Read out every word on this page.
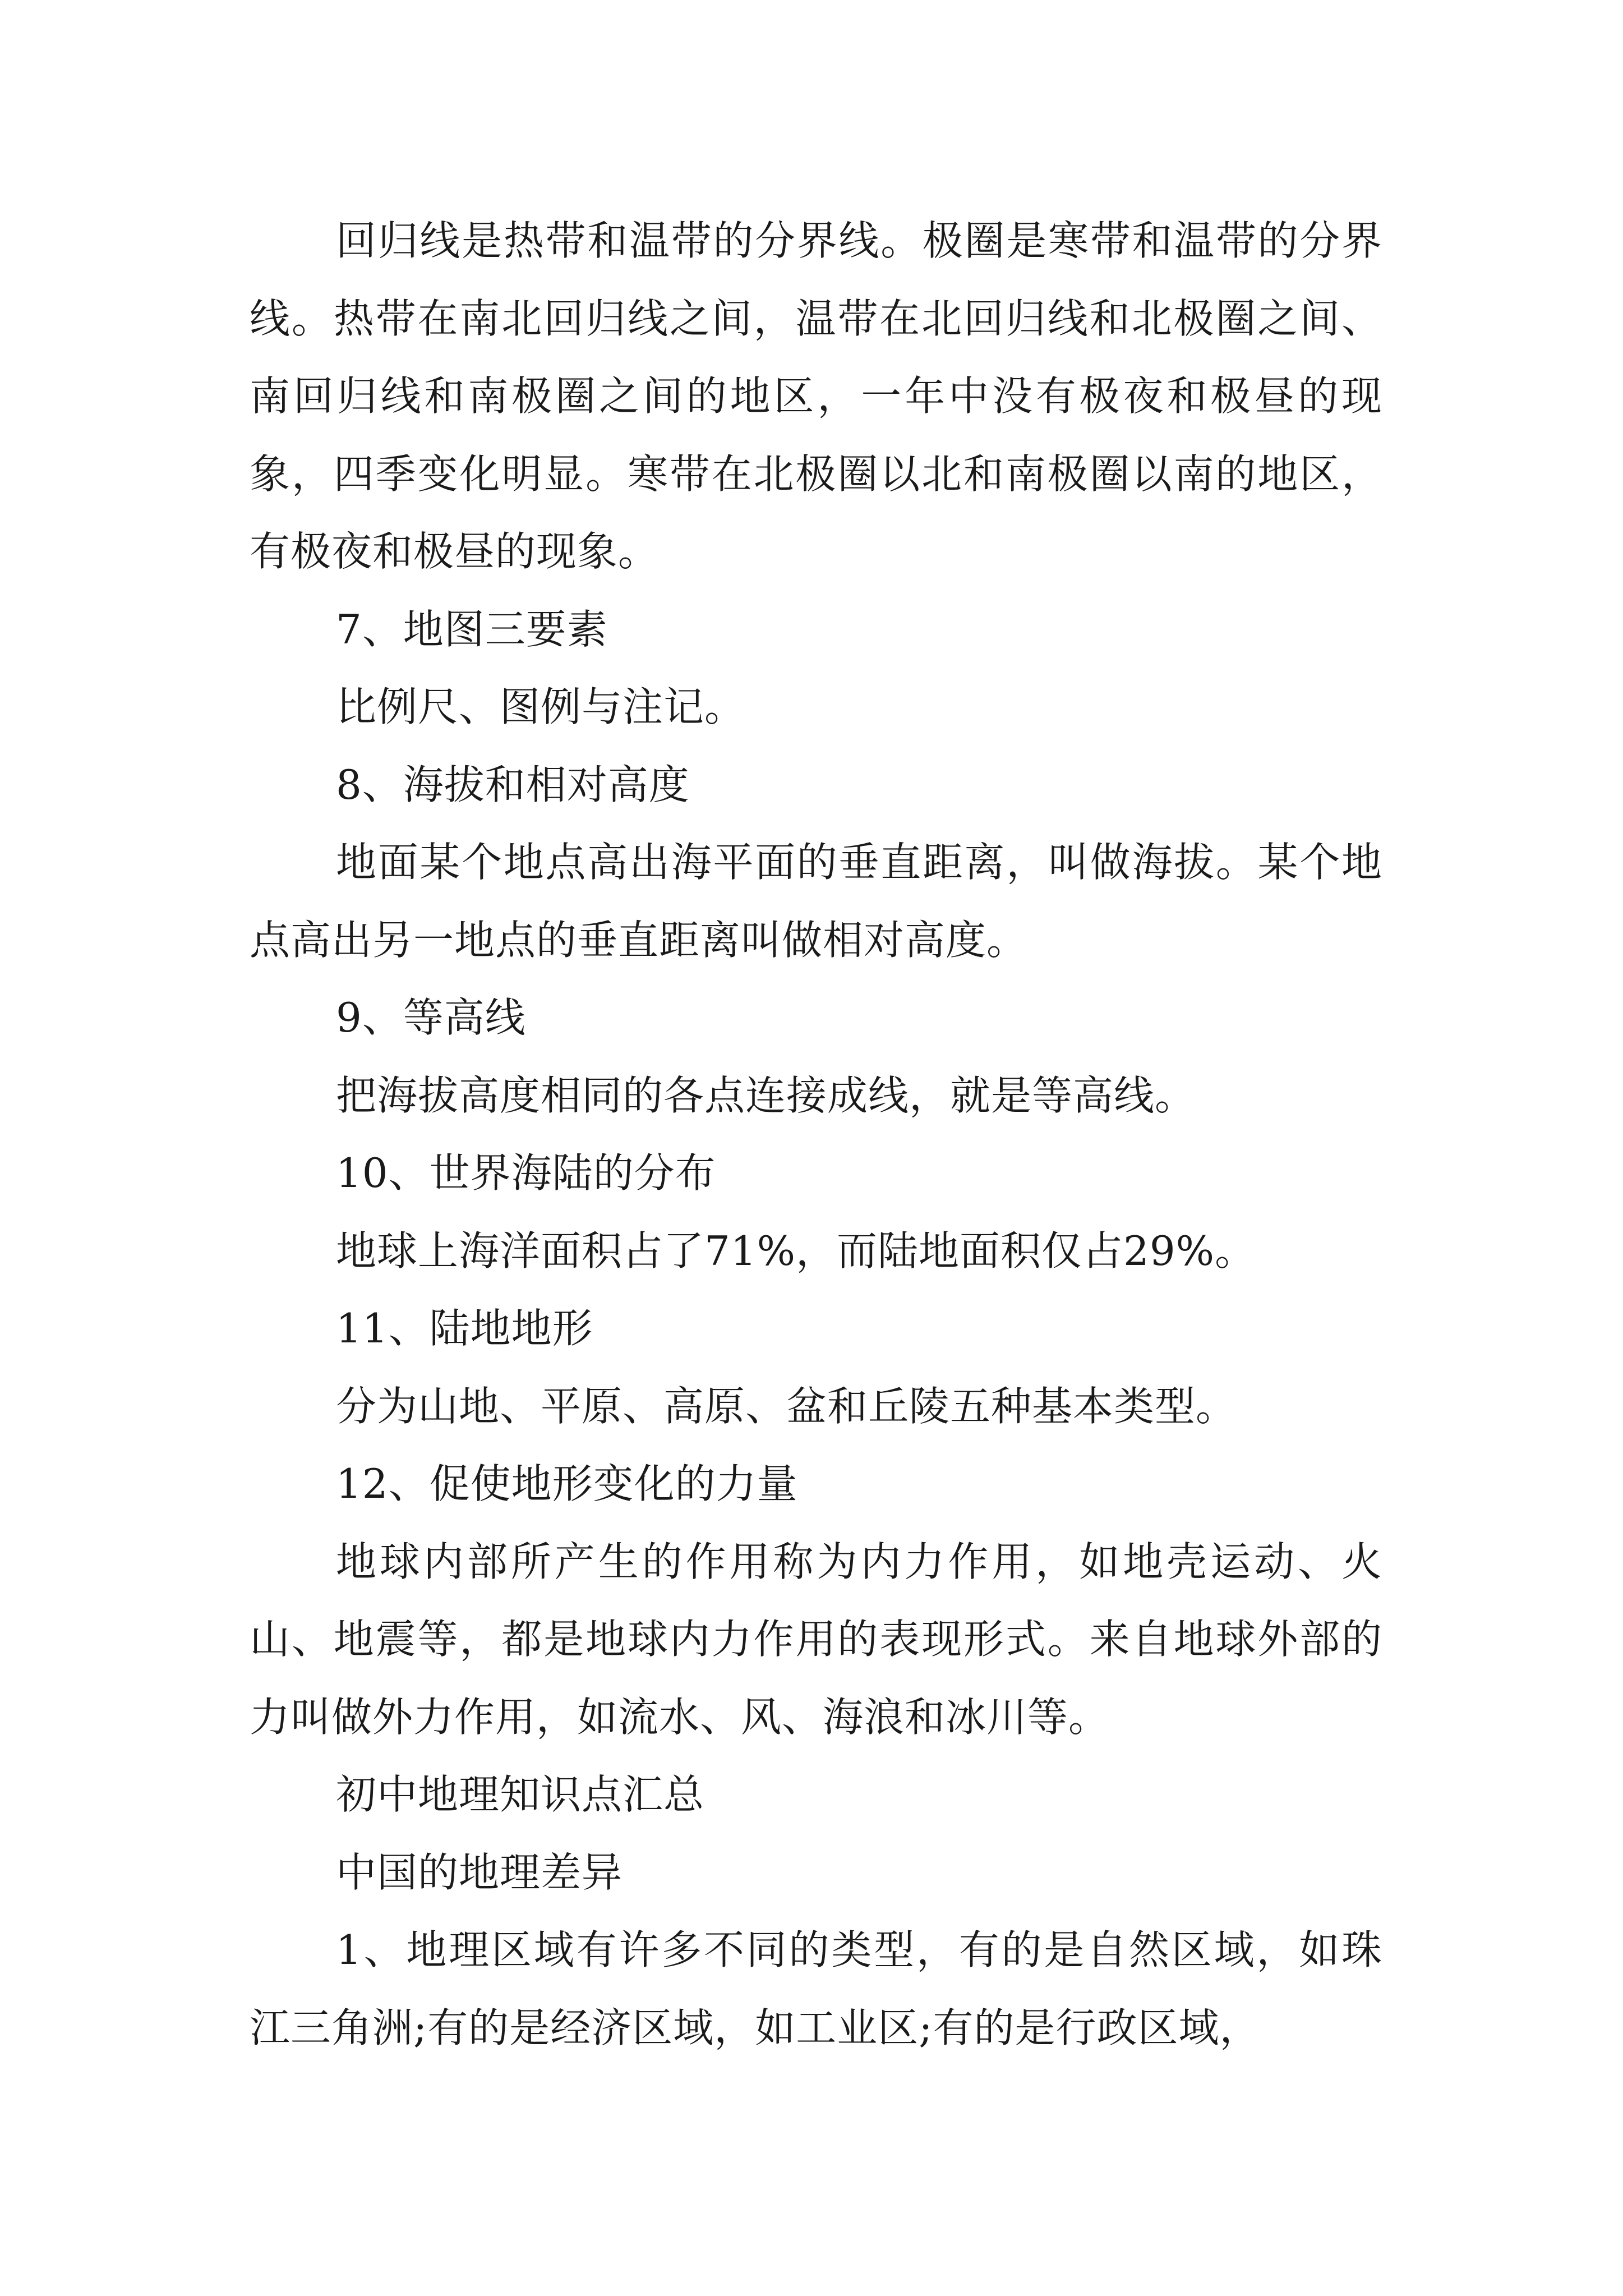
回归线是热带和温带的分界线。极圈是寒带和温带的分界线。热带在南北回归线之间，温带在北回归线和北极圈之间、南回归线和南极圈之间的地区，一年中没有极夜和极昼的现象，四季变化明显。寒带在北极圈以北和南极圈以南的地区，有极夜和极昼的现象。

7、地图三要素

比例尺、图例与注记。

8、海拔和相对高度

地面某个地点高出海平面的垂直距离，叫做海拔。某个地点高出另一地点的垂直距离叫做相对高度。

9、等高线

把海拔高度相同的各点连接成线，就是等高线。

10、世界海陆的分布

地球上海洋面积占了71%，而陆地面积仅占29%。

11、陆地地形

分为山地、平原、高原、盆和丘陵五种基本类型。

12、促使地形变化的力量

地球内部所产生的作用称为内力作用，如地壳运动、火山、地震等，都是地球内力作用的表现形式。来自地球外部的力叫做外力作用，如流水、风、海浪和冰川等。

初中地理知识点汇总

中国的地理差异

1、地理区域有许多不同的类型，有的是自然区域，如珠江三角洲;有的是经济区域，如工业区;有的是行政区域，
